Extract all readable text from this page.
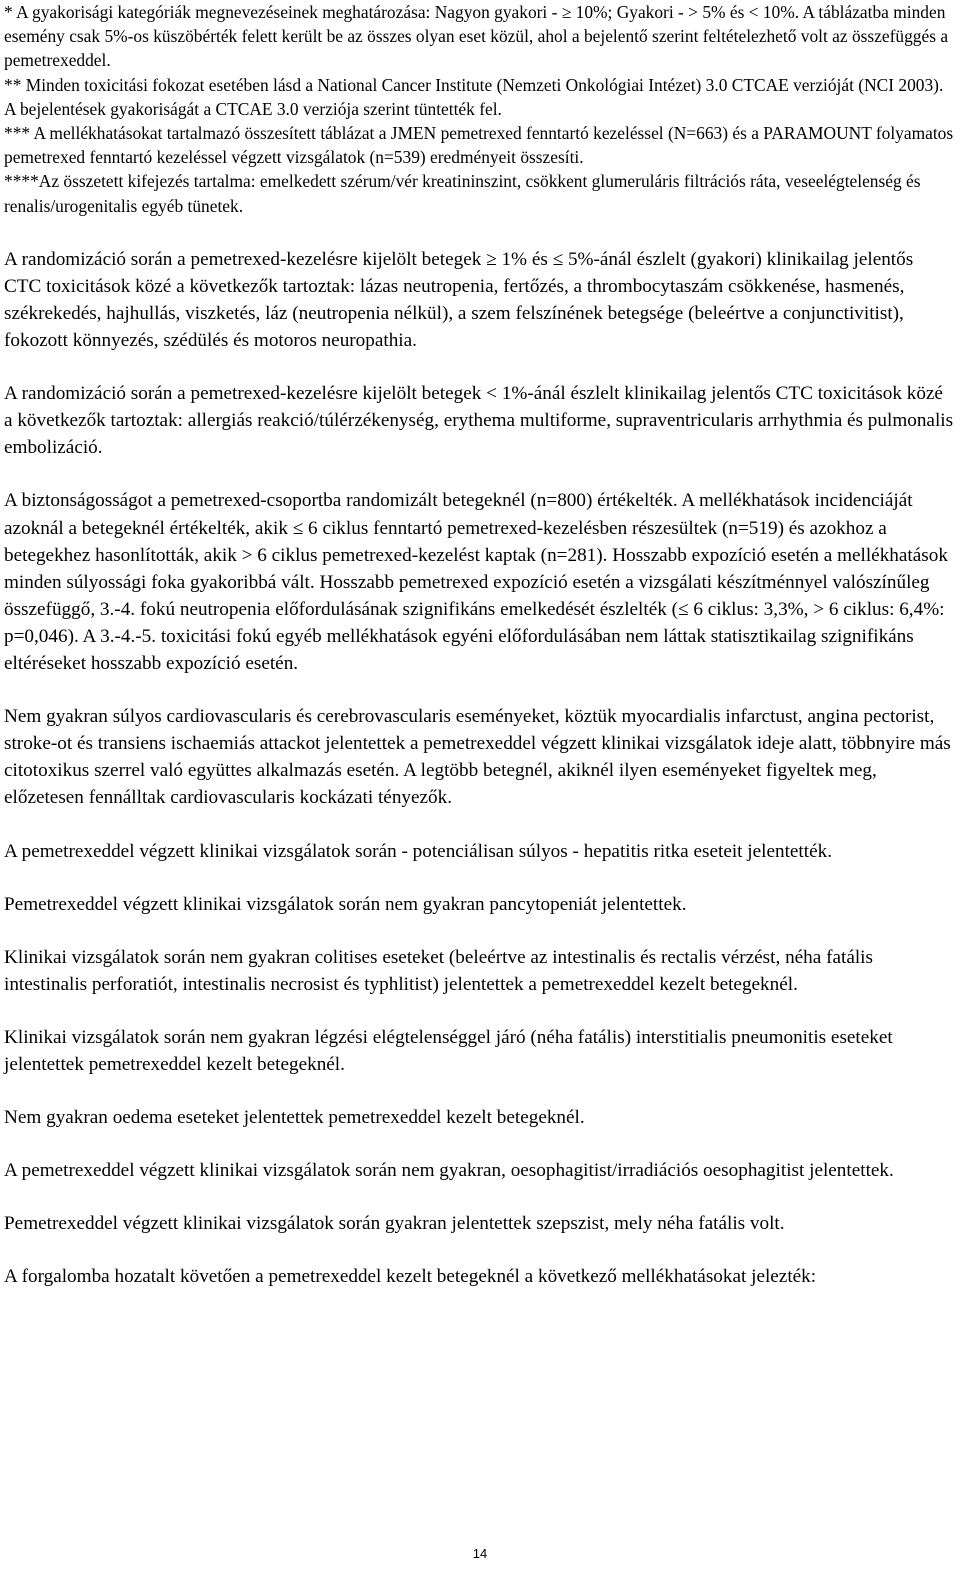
* A gyakorisági kategóriák megnevezéseinek meghatározása: Nagyon gyakori - ≥ 10%; Gyakori - > 5% és < 10%. A táblázatba minden esemény csak 5%-os küszöbérték felett került be az összes olyan eset közül, ahol a bejelentő szerint feltételezhető volt az összefüggés a pemetrexeddel.

** Minden toxicitási fokozat esetében lásd a National Cancer Institute (Nemzeti Onkológiai Intézet) 3.0 CTCAE verzióját (NCI 2003). A bejelentések gyakoriságát a CTCAE 3.0 verziója szerint tüntették fel.

*** A mellékhatásokat tartalmazó összesített táblázat a JMEN pemetrexed fenntartó kezeléssel (N=663) és a PARAMOUNT folyamatos pemetrexed fenntartó kezeléssel végzett vizsgálatok (n=539) eredményeit összesíti.

****Az összetett kifejezés tartalma: emelkedett szérum/vér kreatininszint, csökkent glumeruláris filtrációs ráta, veseelégtelenség és renalis/urogenitalis egyéb tünetek.

A randomizáció során a pemetrexed-kezelésre kijelölt betegek ≥ 1% és ≤ 5%-ánál észlelt (gyakori) klinikailag jelentős CTC toxicitások közé a következők tartoztak: lázas neutropenia, fertőzés, a thrombocytaszám csökkenése, hasmenés, székrekedés, hajhullás, viszketés, láz (neutropenia nélkül), a szem felszínének betegsége (beleértve a conjunctivitist), fokozott könnyezés, szédülés és motoros neuropathia.

A randomizáció során a pemetrexed-kezelésre kijelölt betegek < 1%-ánál észlelt klinikailag jelentős CTC toxicitások közé a következők tartoztak: allergiás reakció/túlérzékenység, erythema multiforme, supraventricularis arrhythmia és pulmonalis embolizáció.

A biztonságosságot a pemetrexed-csoportba randomizált betegeknél (n=800) értékelték. A mellékhatások incidenciáját azoknál a betegeknél értékelték, akik ≤ 6 ciklus fenntartó pemetrexed-kezelésben részesültek (n=519) és azokhoz a betegekhez hasonlították, akik > 6 ciklus pemetrexed-kezelést kaptak (n=281). Hosszabb expozíció esetén a mellékhatások minden súlyossági foka gyakoribbá vált. Hosszabb pemetrexed expozíció esetén a vizsgálati készítménnyel valószínűleg összefüggő, 3.-4. fokú neutropenia előfordulásának szignifikáns emelkedését észlelték (≤ 6 ciklus: 3,3%, > 6 ciklus: 6,4%: p=0,046). A 3.-4.-5. toxicitási fokú egyéb mellékhatások egyéni előfordulásában nem láttak statisztikailag szignifikáns eltéréseket hosszabb expozíció esetén.

Nem gyakran súlyos cardiovascularis és cerebrovascularis eseményeket, köztük myocardialis infarctust, angina pectorist, stroke-ot és transiens ischaemiás attackot jelentettek a pemetrexeddel végzett klinikai vizsgálatok ideje alatt, többnyire más citotoxikus szerrel való együttes alkalmazás esetén. A legtöbb betegnél, akiknél ilyen eseményeket figyeltek meg, előzetesen fennálltak cardiovascularis kockázati tényezők.

A pemetrexeddel végzett klinikai vizsgálatok során - potenciálisan súlyos - hepatitis ritka eseteit jelentették.

Pemetrexeddel végzett klinikai vizsgálatok során nem gyakran pancytopeniát jelentettek.

Klinikai vizsgálatok során nem gyakran colitises eseteket (beleértve az intestinalis és rectalis vérzést, néha fatális intestinalis perforatiót, intestinalis necrosist és typhlitist) jelentettek a pemetrexeddel kezelt betegeknél.

Klinikai vizsgálatok során nem gyakran légzési elégtelenséggel járó (néha fatális) interstitialis pneumonitis eseteket jelentettek pemetrexeddel kezelt betegeknél.

Nem gyakran oedema eseteket jelentettek pemetrexeddel kezelt betegeknél.

A pemetrexeddel végzett klinikai vizsgálatok során nem gyakran, oesophagitist/irradiációs oesophagitist jelentettek.

Pemetrexeddel végzett klinikai vizsgálatok során gyakran jelentettek szepszist, mely néha fatális volt.

A forgalomba hozatalt követően a pemetrexeddel kezelt betegeknél a következő mellékhatásokat jelezték:

14
